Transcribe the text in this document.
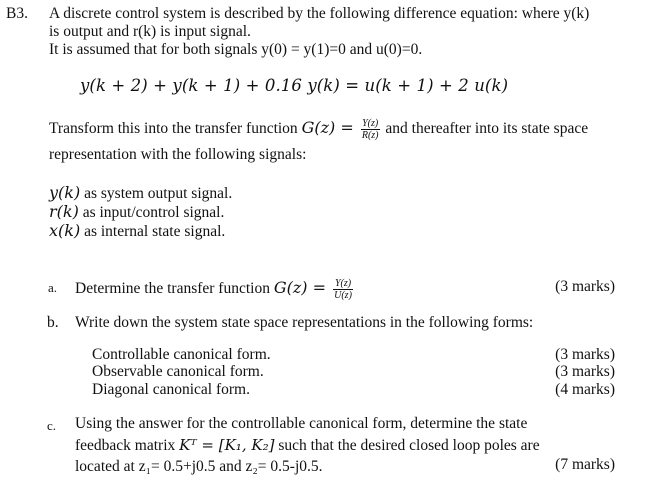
B3. A discrete control system is described by the following difference equation: where y(k)
is output and r(k) is input signal.
It is assumed that for both signals y(0) = y(1)=0 and u(0)=0.
y(k + 2) + y(k + 1) + 0.16 y(k) = u(k + 1) + 2 u(k)
Transform this into the transfer function $G(z) = \frac{Y(z)}{R(z)}$ and thereafter into its state space
representation with the following signals:
y(k) as system output signal.
r(k) as input/control signal.
x(k) as internal state signal.
a. Determine the transfer function $G(z) = \frac{Y(z)}{U(z)}$	(3 marks)
b. Write down the system state space representations in the following forms:
Controllable canonical form.	(3 marks)
Observable canonical form.	(3 marks)
Diagonal canonical form.	(4 marks)
c. Using the answer for the controllable canonical form, determine the state
feedback matrix Kᵀ = [K₁, K₂] such that the desired closed loop poles are
located at z₁= 0.5+j0.5 and z₂= 0.5-j0.5.	(7 marks)
